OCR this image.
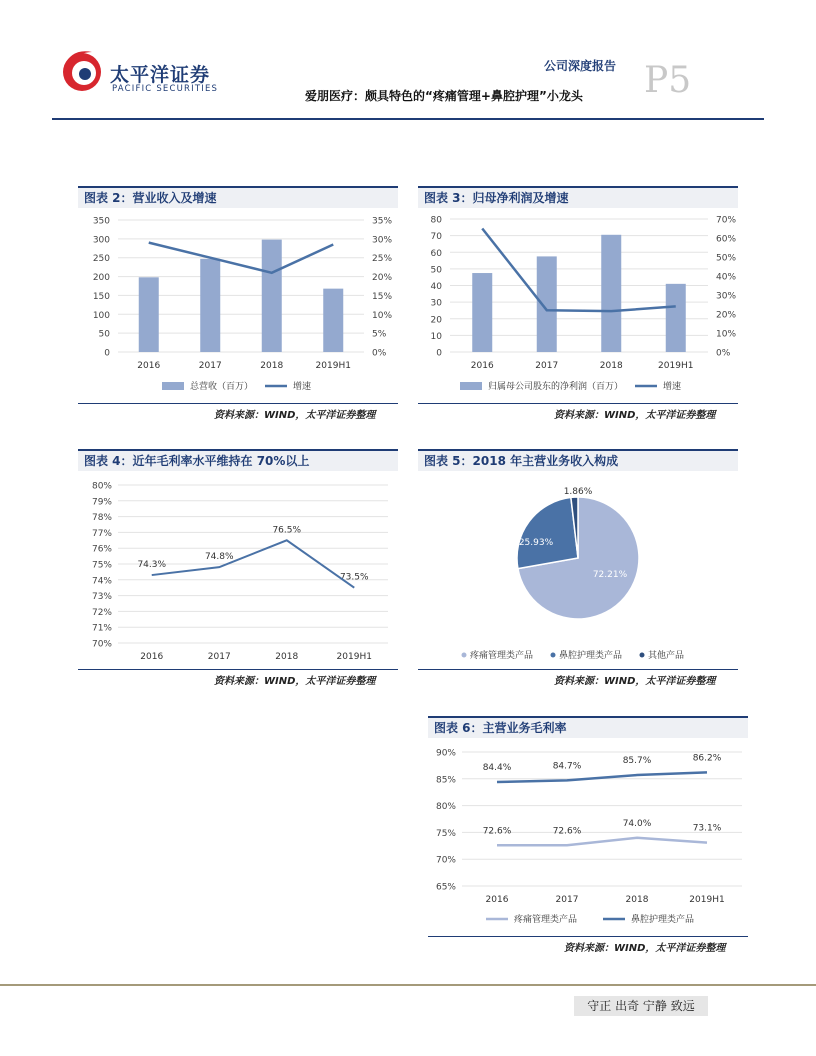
太平洋证券
PACIFIC SECURITIES
公司深度报告 P5
爱朋医疗：颇具特色的“疼痛管理+鼻腔护理”小龙头
图表 2：营业收入及增速
350
300
250
200
150
100
50
0
35%
30%
25%
20%
15%
10%
5%
0%
2016	2017	2018	2019H1
总营收（百万）	增速
资料来源：WIND，太平洋证券整理
图表 3：归母净利润及增速
80
70
60
50
40
30
20
10
0
70%
60%
50%
40%
30%
20%
10%
0%
2016	2017	2018	2019H1
归属母公司股东的净利润（百万）	增速
资料来源：WIND，太平洋证券整理
图表 4：近年毛利率水平维持在 70%以上
80%
79%
78%
77%
76%
75%
74%
73%
72%
71%
70%
2016
74.3%
2017
74.8%
2018
76.5%
2019H1
73.5%
资料来源：WIND，太平洋证券整理
图表 5：2018 年主营业务收入构成
72.21%
25.93%
1.86%
疼痛管理类产品	鼻腔护理类产品	其他产品
资料来源：WIND，太平洋证券整理
图表 6：主营业务毛利率
90%
85%
80%
75%
70%
65%
2016	2017	2018	2019H1
72.6%	72.6%
74.0%	73.1%
84.4%	84.7%
85.7%	86.2%
疼痛管理类产品	鼻腔护理类产品
资料来源：WIND，太平洋证券整理
守正 出奇 宁静 致远
